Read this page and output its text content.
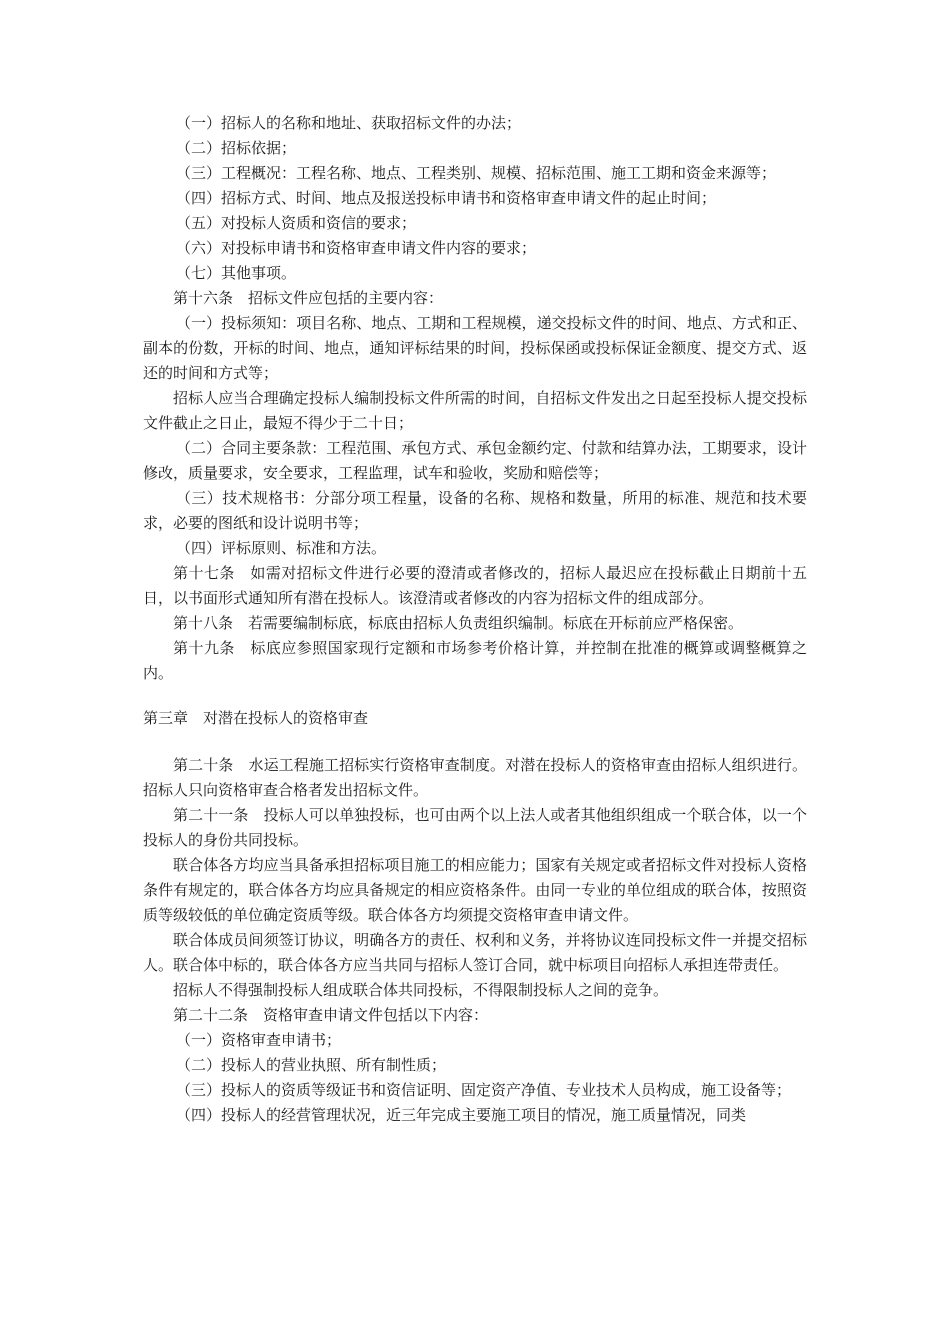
（一）招标人的名称和地址、获取招标文件的办法；

（二）招标依据；

（三）工程概况：工程名称、地点、工程类别、规模、招标范围、施工工期和资金来源等；

（四）招标方式、时间、地点及报送投标申请书和资格审查申请文件的起止时间；

（五）对投标人资质和资信的要求；

（六）对投标申请书和资格审查申请文件内容的要求；

（七）其他事项。

第十六条　招标文件应包括的主要内容：

（一）投标须知：项目名称、地点、工期和工程规模，递交投标文件的时间、地点、方式和正、副本的份数，开标的时间、地点，通知评标结果的时间，投标保函或投标保证金额度、提交方式、返还的时间和方式等；

招标人应当合理确定投标人编制投标文件所需的时间，自招标文件发出之日起至投标人提交投标文件截止之日止，最短不得少于二十日；

（二）合同主要条款：工程范围、承包方式、承包金额约定、付款和结算办法，工期要求，设计修改，质量要求，安全要求，工程监理，试车和验收，奖励和赔偿等；

（三）技术规格书：分部分项工程量，设备的名称、规格和数量，所用的标准、规范和技术要求，必要的图纸和设计说明书等；

（四）评标原则、标准和方法。

第十七条　如需对招标文件进行必要的澄清或者修改的，招标人最迟应在投标截止日期前十五日，以书面形式通知所有潜在投标人。该澄清或者修改的内容为招标文件的组成部分。

第十八条　若需要编制标底，标底由招标人负责组织编制。标底在开标前应严格保密。

第十九条　标底应参照国家现行定额和市场参考价格计算，并控制在批准的概算或调整概算之内。

第三章　对潜在投标人的资格审查

第二十条　水运工程施工招标实行资格审查制度。对潜在投标人的资格审查由招标人组织进行。招标人只向资格审查合格者发出招标文件。

第二十一条　投标人可以单独投标，也可由两个以上法人或者其他组织组成一个联合体，以一个投标人的身份共同投标。

联合体各方均应当具备承担招标项目施工的相应能力；国家有关规定或者招标文件对投标人资格条件有规定的，联合体各方均应具备规定的相应资格条件。由同一专业的单位组成的联合体，按照资质等级较低的单位确定资质等级。联合体各方均须提交资格审查申请文件。

联合体成员间须签订协议，明确各方的责任、权利和义务，并将协议连同投标文件一并提交招标人。联合体中标的，联合体各方应当共同与招标人签订合同，就中标项目向招标人承担连带责任。

招标人不得强制投标人组成联合体共同投标，不得限制投标人之间的竞争。

第二十二条　资格审查申请文件包括以下内容：

（一）资格审查申请书；

（二）投标人的营业执照、所有制性质；

（三）投标人的资质等级证书和资信证明、固定资产净值、专业技术人员构成，施工设备等；

（四）投标人的经营管理状况，近三年完成主要施工项目的情况，施工质量情况，同类
